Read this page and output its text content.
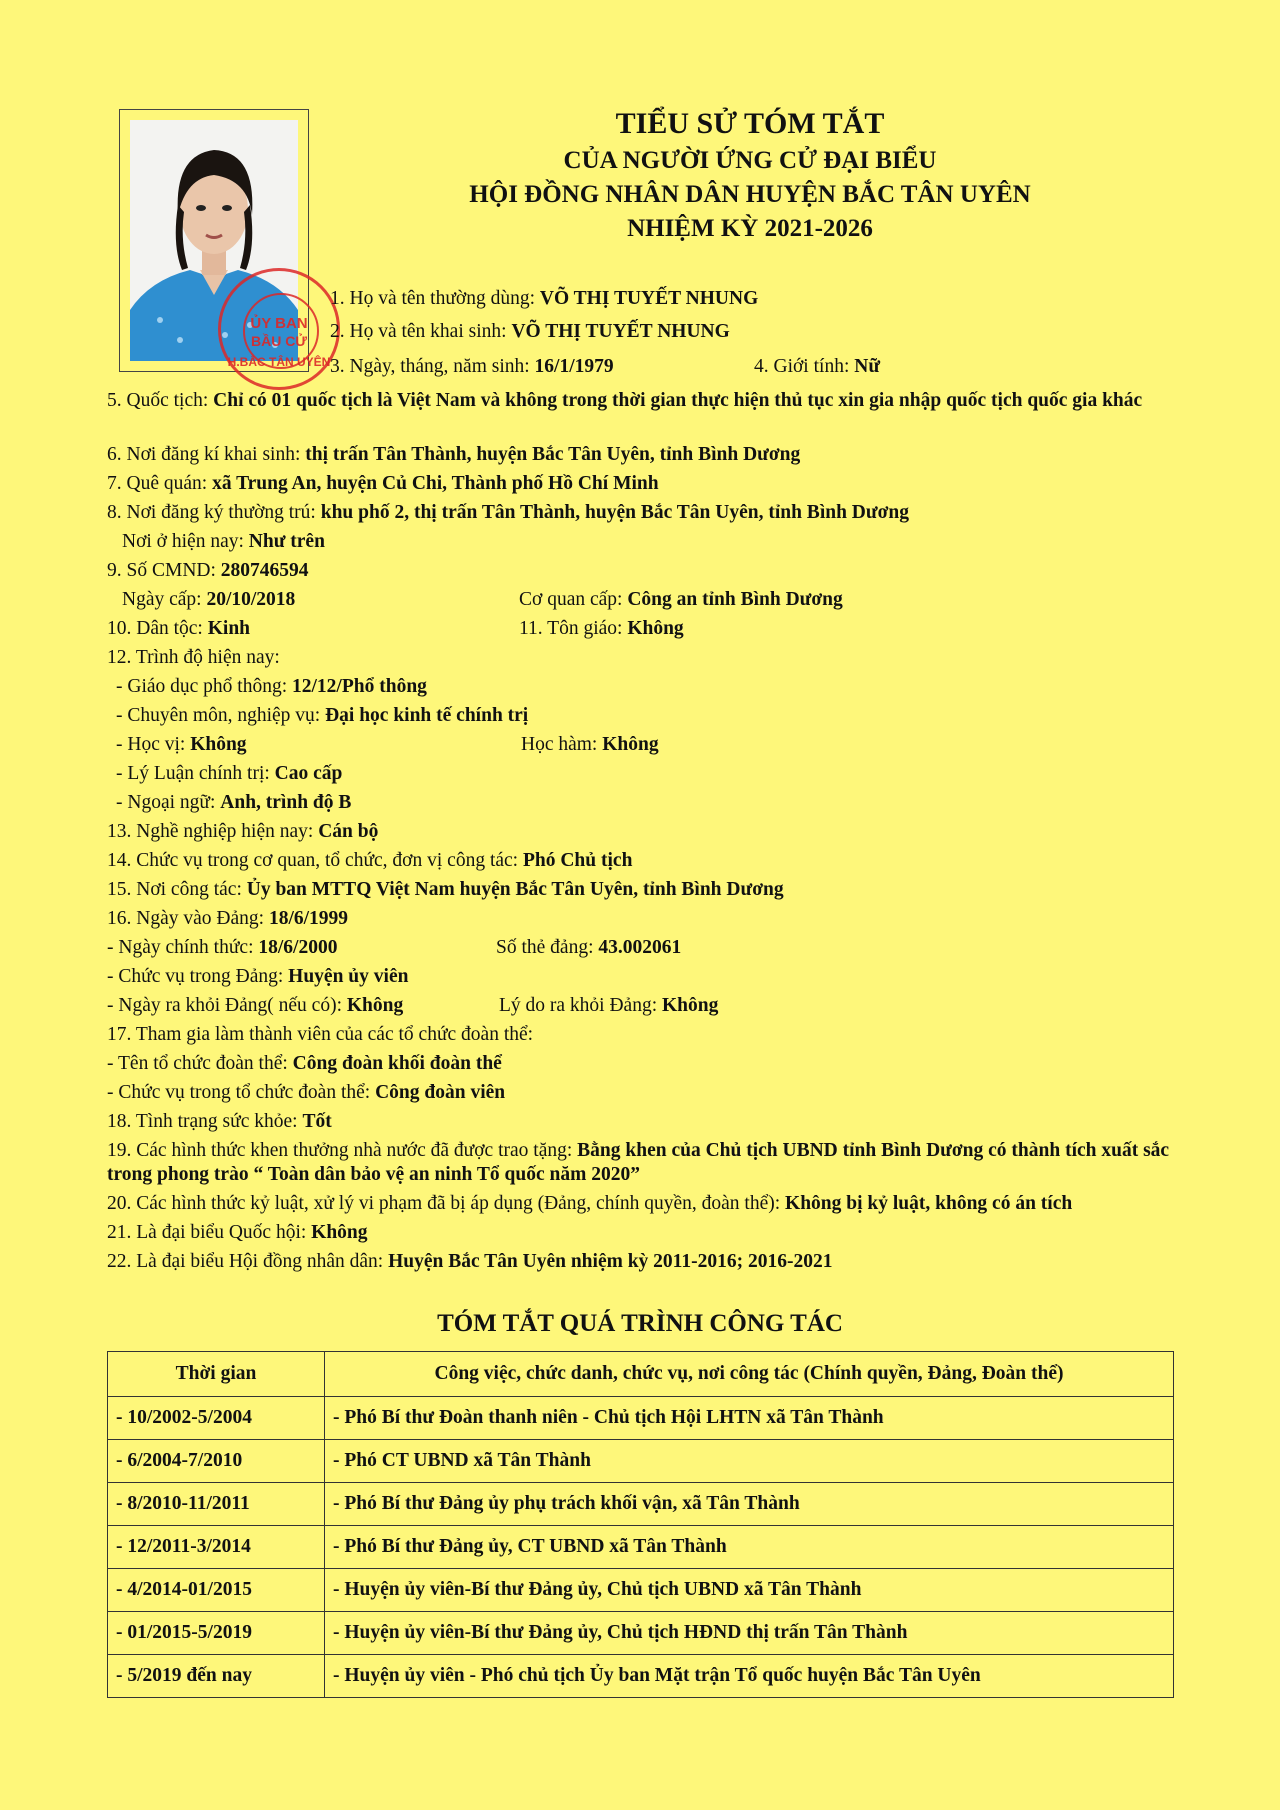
ỦY BAN
BẦU CỬ
H.BẮC TÂN UYÊN
TIỂU SỬ TÓM TẮT
CỦA NGƯỜI ỨNG CỬ ĐẠI BIỂU
HỘI ĐỒNG NHÂN DÂN HUYỆN BẮC TÂN UYÊN
NHIỆM KỲ 2021-2026
1. Họ và tên thường dùng: VÕ THỊ TUYẾT NHUNG
2. Họ và tên khai sinh: VÕ THỊ TUYẾT NHUNG
3. Ngày, tháng, năm sinh: 16/1/1979	4. Giới tính: Nữ
5. Quốc tịch: Chỉ có 01 quốc tịch là Việt Nam và không trong thời gian thực hiện thủ tục xin gia nhập quốc tịch quốc gia khác
6. Nơi đăng kí khai sinh: thị trấn Tân Thành, huyện Bắc Tân Uyên, tỉnh Bình Dương
7. Quê quán: xã Trung An, huyện Củ Chi, Thành phố Hồ Chí Minh
8. Nơi đăng ký thường trú: khu phố 2, thị trấn Tân Thành, huyện Bắc Tân Uyên, tỉnh Bình Dương
Nơi ở hiện nay: Như trên
9. Số CMND: 280746594
Ngày cấp: 20/10/2018	Cơ quan cấp: Công an tỉnh Bình Dương
10. Dân tộc: Kinh	11. Tôn giáo: Không
12. Trình độ hiện nay:
- Giáo dục phổ thông: 12/12/Phổ thông
- Chuyên môn, nghiệp vụ: Đại học kinh tế chính trị
- Học vị: Không	Học hàm: Không
- Lý Luận chính trị: Cao cấp
- Ngoại ngữ: Anh, trình độ B
13. Nghề nghiệp hiện nay: Cán bộ
14. Chức vụ trong cơ quan, tổ chức, đơn vị công tác: Phó Chủ tịch
15. Nơi công tác: Ủy ban MTTQ Việt Nam huyện Bắc Tân Uyên, tỉnh Bình Dương
16. Ngày vào Đảng: 18/6/1999
- Ngày chính thức: 18/6/2000	Số thẻ đảng: 43.002061
- Chức vụ trong Đảng: Huyện ủy viên
- Ngày ra khỏi Đảng( nếu có): Không	Lý do ra khỏi Đảng: Không
17. Tham gia làm thành viên của các tổ chức đoàn thể:
- Tên tổ chức đoàn thể: Công đoàn khối đoàn thể
- Chức vụ trong tổ chức đoàn thể: Công đoàn viên
18. Tình trạng sức khỏe: Tốt
19. Các hình thức khen thưởng nhà nước đã được trao tặng: Bằng khen của Chủ tịch UBND tỉnh Bình Dương có thành tích xuất sắc trong phong trào “ Toàn dân bảo vệ an ninh Tổ quốc năm 2020”
20. Các hình thức kỷ luật, xử lý vi phạm đã bị áp dụng (Đảng, chính quyền, đoàn thể): Không bị kỷ luật, không có án tích
21. Là đại biểu Quốc hội: Không
22. Là đại biểu Hội đồng nhân dân: Huyện Bắc Tân Uyên nhiệm kỳ 2011-2016; 2016-2021
TÓM TẮT QUÁ TRÌNH CÔNG TÁC
Thời gian	Công việc, chức danh, chức vụ, nơi công tác (Chính quyền, Đảng, Đoàn thể)
- 10/2002-5/2004	- Phó Bí thư Đoàn thanh niên - Chủ tịch Hội LHTN xã Tân Thành
- 6/2004-7/2010	- Phó CT UBND xã Tân Thành
- 8/2010-11/2011	- Phó Bí thư Đảng ủy phụ trách khối vận, xã Tân Thành
- 12/2011-3/2014	- Phó Bí thư Đảng ủy, CT UBND xã Tân Thành
- 4/2014-01/2015	- Huyện ủy viên-Bí thư Đảng ủy, Chủ tịch UBND xã Tân Thành
- 01/2015-5/2019	- Huyện ủy viên-Bí thư Đảng ủy, Chủ tịch HĐND thị trấn Tân Thành
- 5/2019 đến nay	- Huyện ủy viên - Phó chủ tịch Ủy ban Mặt trận Tổ quốc huyện Bắc Tân Uyên
